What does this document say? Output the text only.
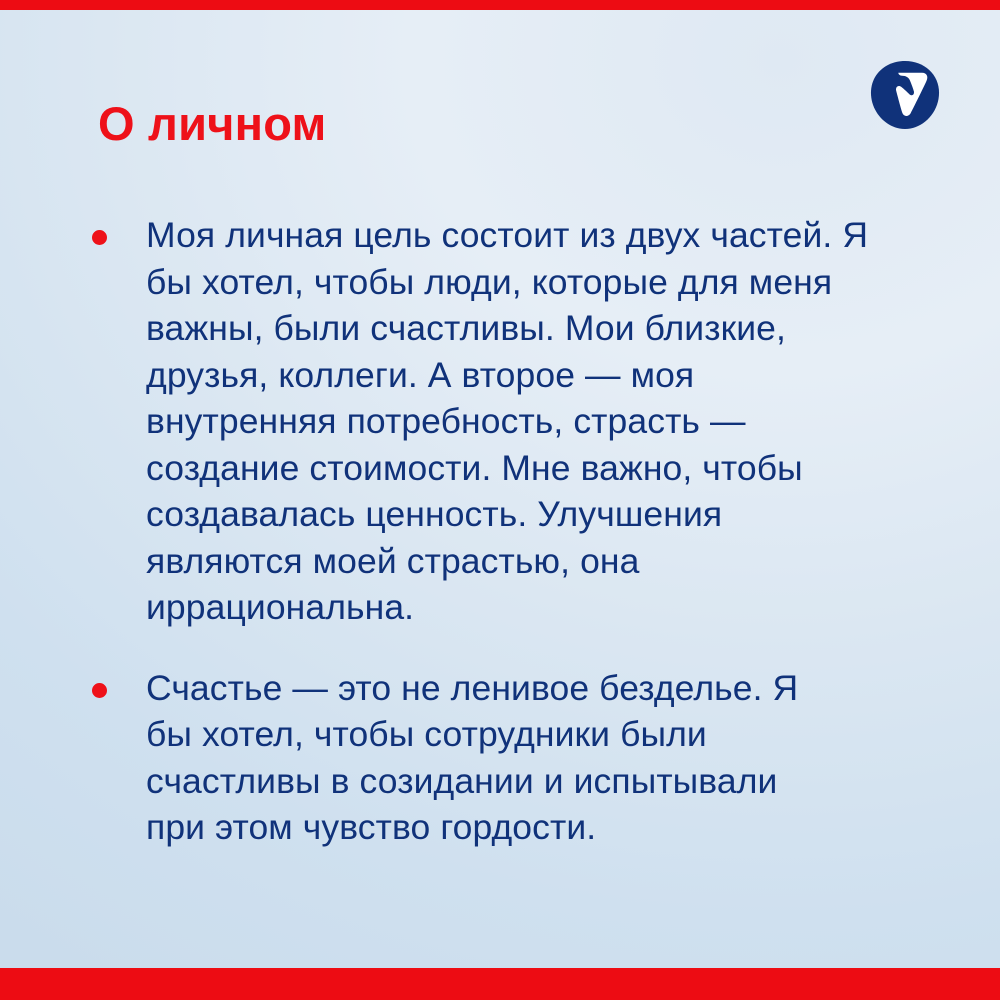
О личном
Моя личная цель состоит из двух частей. Я бы хотел, чтобы люди, которые для меня важны, были счастливы. Мои близкие, друзья, коллеги. А второе — моя внутренняя потребность, страсть — создание стоимости. Мне важно, чтобы создавалась ценность. Улучшения являются моей страстью, она иррациональна.
Счастье — это не ленивое безделье. Я бы хотел, чтобы сотрудники были счастливы в созидании и испытывали при этом чувство гордости.
